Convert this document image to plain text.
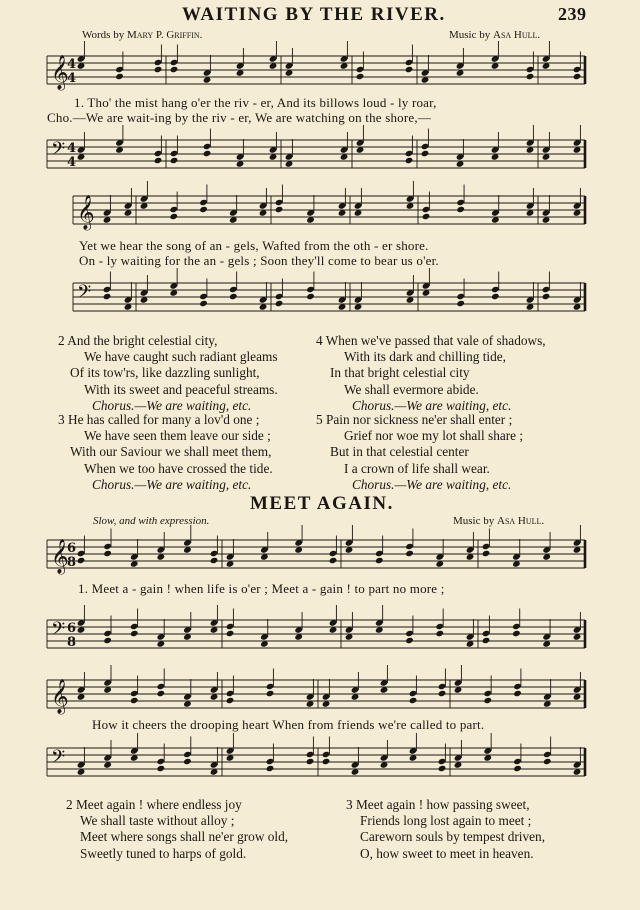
WAITING BY THE RIVER.	239
Words by Mary P. Griffin.	Music by Asa Hull.
𝄞
4
4
𝄢 4
4
𝄞
𝄢
𝄞
6
8
𝄢 6
8
𝄞
𝄢
1. Tho' the mist hang o'er the riv - er, And its billows loud - ly roar,
Cho.—We are wait-ing by the riv - er, We are watching on the shore,—
Yet we hear the song of an - gels, Wafted from the oth - er shore.
On - ly waiting for the an - gels ; Soon they'll come to bear us o'er.
2 And the bright celestial city,
We have caught such radiant gleams
Of its tow'rs, like dazzling sunlight,
With its sweet and peaceful streams.
Chorus.—We are waiting, etc.
3 He has called for many a lov'd one ;
We have seen them leave our side ;
With our Saviour we shall meet them,
When we too have crossed the tide.
Chorus.—We are waiting, etc.
4 When we've passed that vale of shadows,
With its dark and chilling tide,
In that bright celestial city
We shall evermore abide.
Chorus.—We are waiting, etc.
5 Pain nor sickness ne'er shall enter ;
Grief nor woe my lot shall share ;
But in that celestial center
I a crown of life shall wear.
Chorus.—We are waiting, etc.
MEET AGAIN.
Slow, and with expression.	Music by Asa Hull.
1. Meet a - gain ! when life is o'er ; Meet a - gain ! to part no more ;
How it cheers the drooping heart When from friends we're called to part.
2 Meet again ! where endless joy
We shall taste without alloy ;
Meet where songs shall ne'er grow old,
Sweetly tuned to harps of gold.
3 Meet again ! how passing sweet,
Friends long lost again to meet ;
Careworn souls by tempest driven,
O, how sweet to meet in heaven.
